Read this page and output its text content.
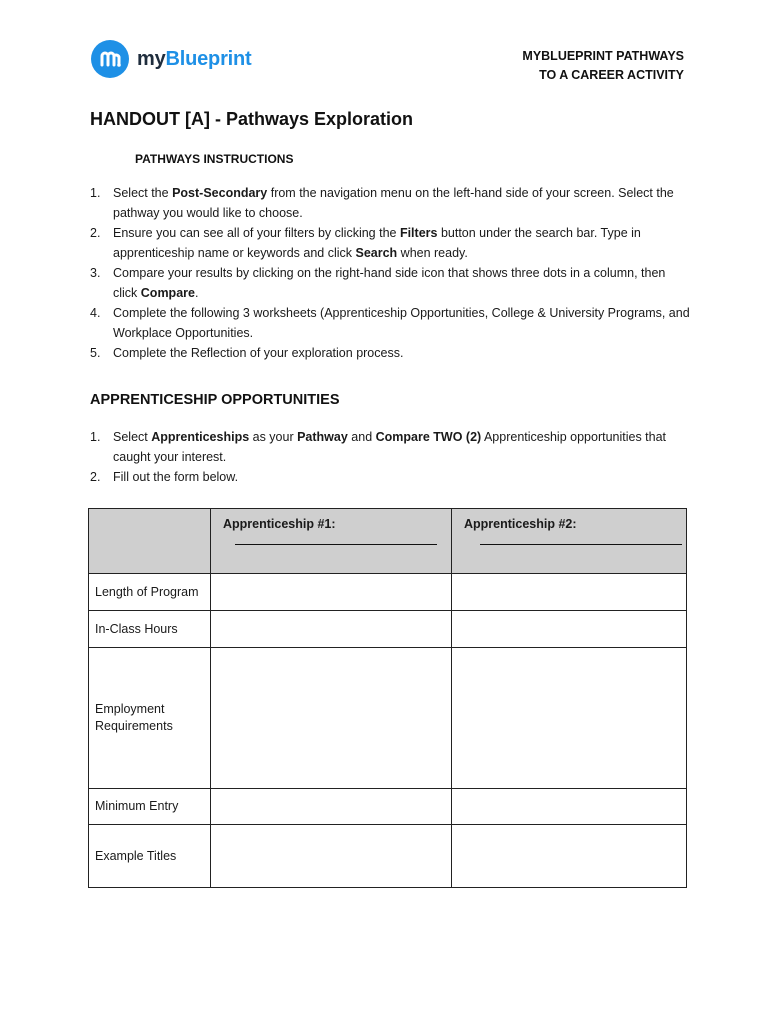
myBlueprint	MYBLUEPRINT PATHWAYS
TO A CAREER ACTIVITY
HANDOUT [A] - Pathways Exploration
PATHWAYS INSTRUCTIONS
1.	Select the Post-Secondary from the navigation menu on the left-hand side of your screen. Select the pathway you would like to choose.
2.	Ensure you can see all of your filters by clicking the Filters button under the search bar. Type in apprenticeship name or keywords and click Search when ready.
3.	Compare your results by clicking on the right-hand side icon that shows three dots in a column, then click Compare.
4.	Complete the following 3 worksheets (Apprenticeship Opportunities, College & University Programs, and Workplace Opportunities.
5.	Complete the Reflection of your exploration process.
APPRENTICESHIP OPPORTUNITIES
1.	Select Apprenticeships as your Pathway and Compare TWO (2) Apprenticeship opportunities that caught your interest.
2.	Fill out the form below.
	Apprenticeship #1:	Apprenticeship #2:

Length of Program		
In-Class Hours		
Employment Requirements		
Minimum Entry		
Example Titles		
